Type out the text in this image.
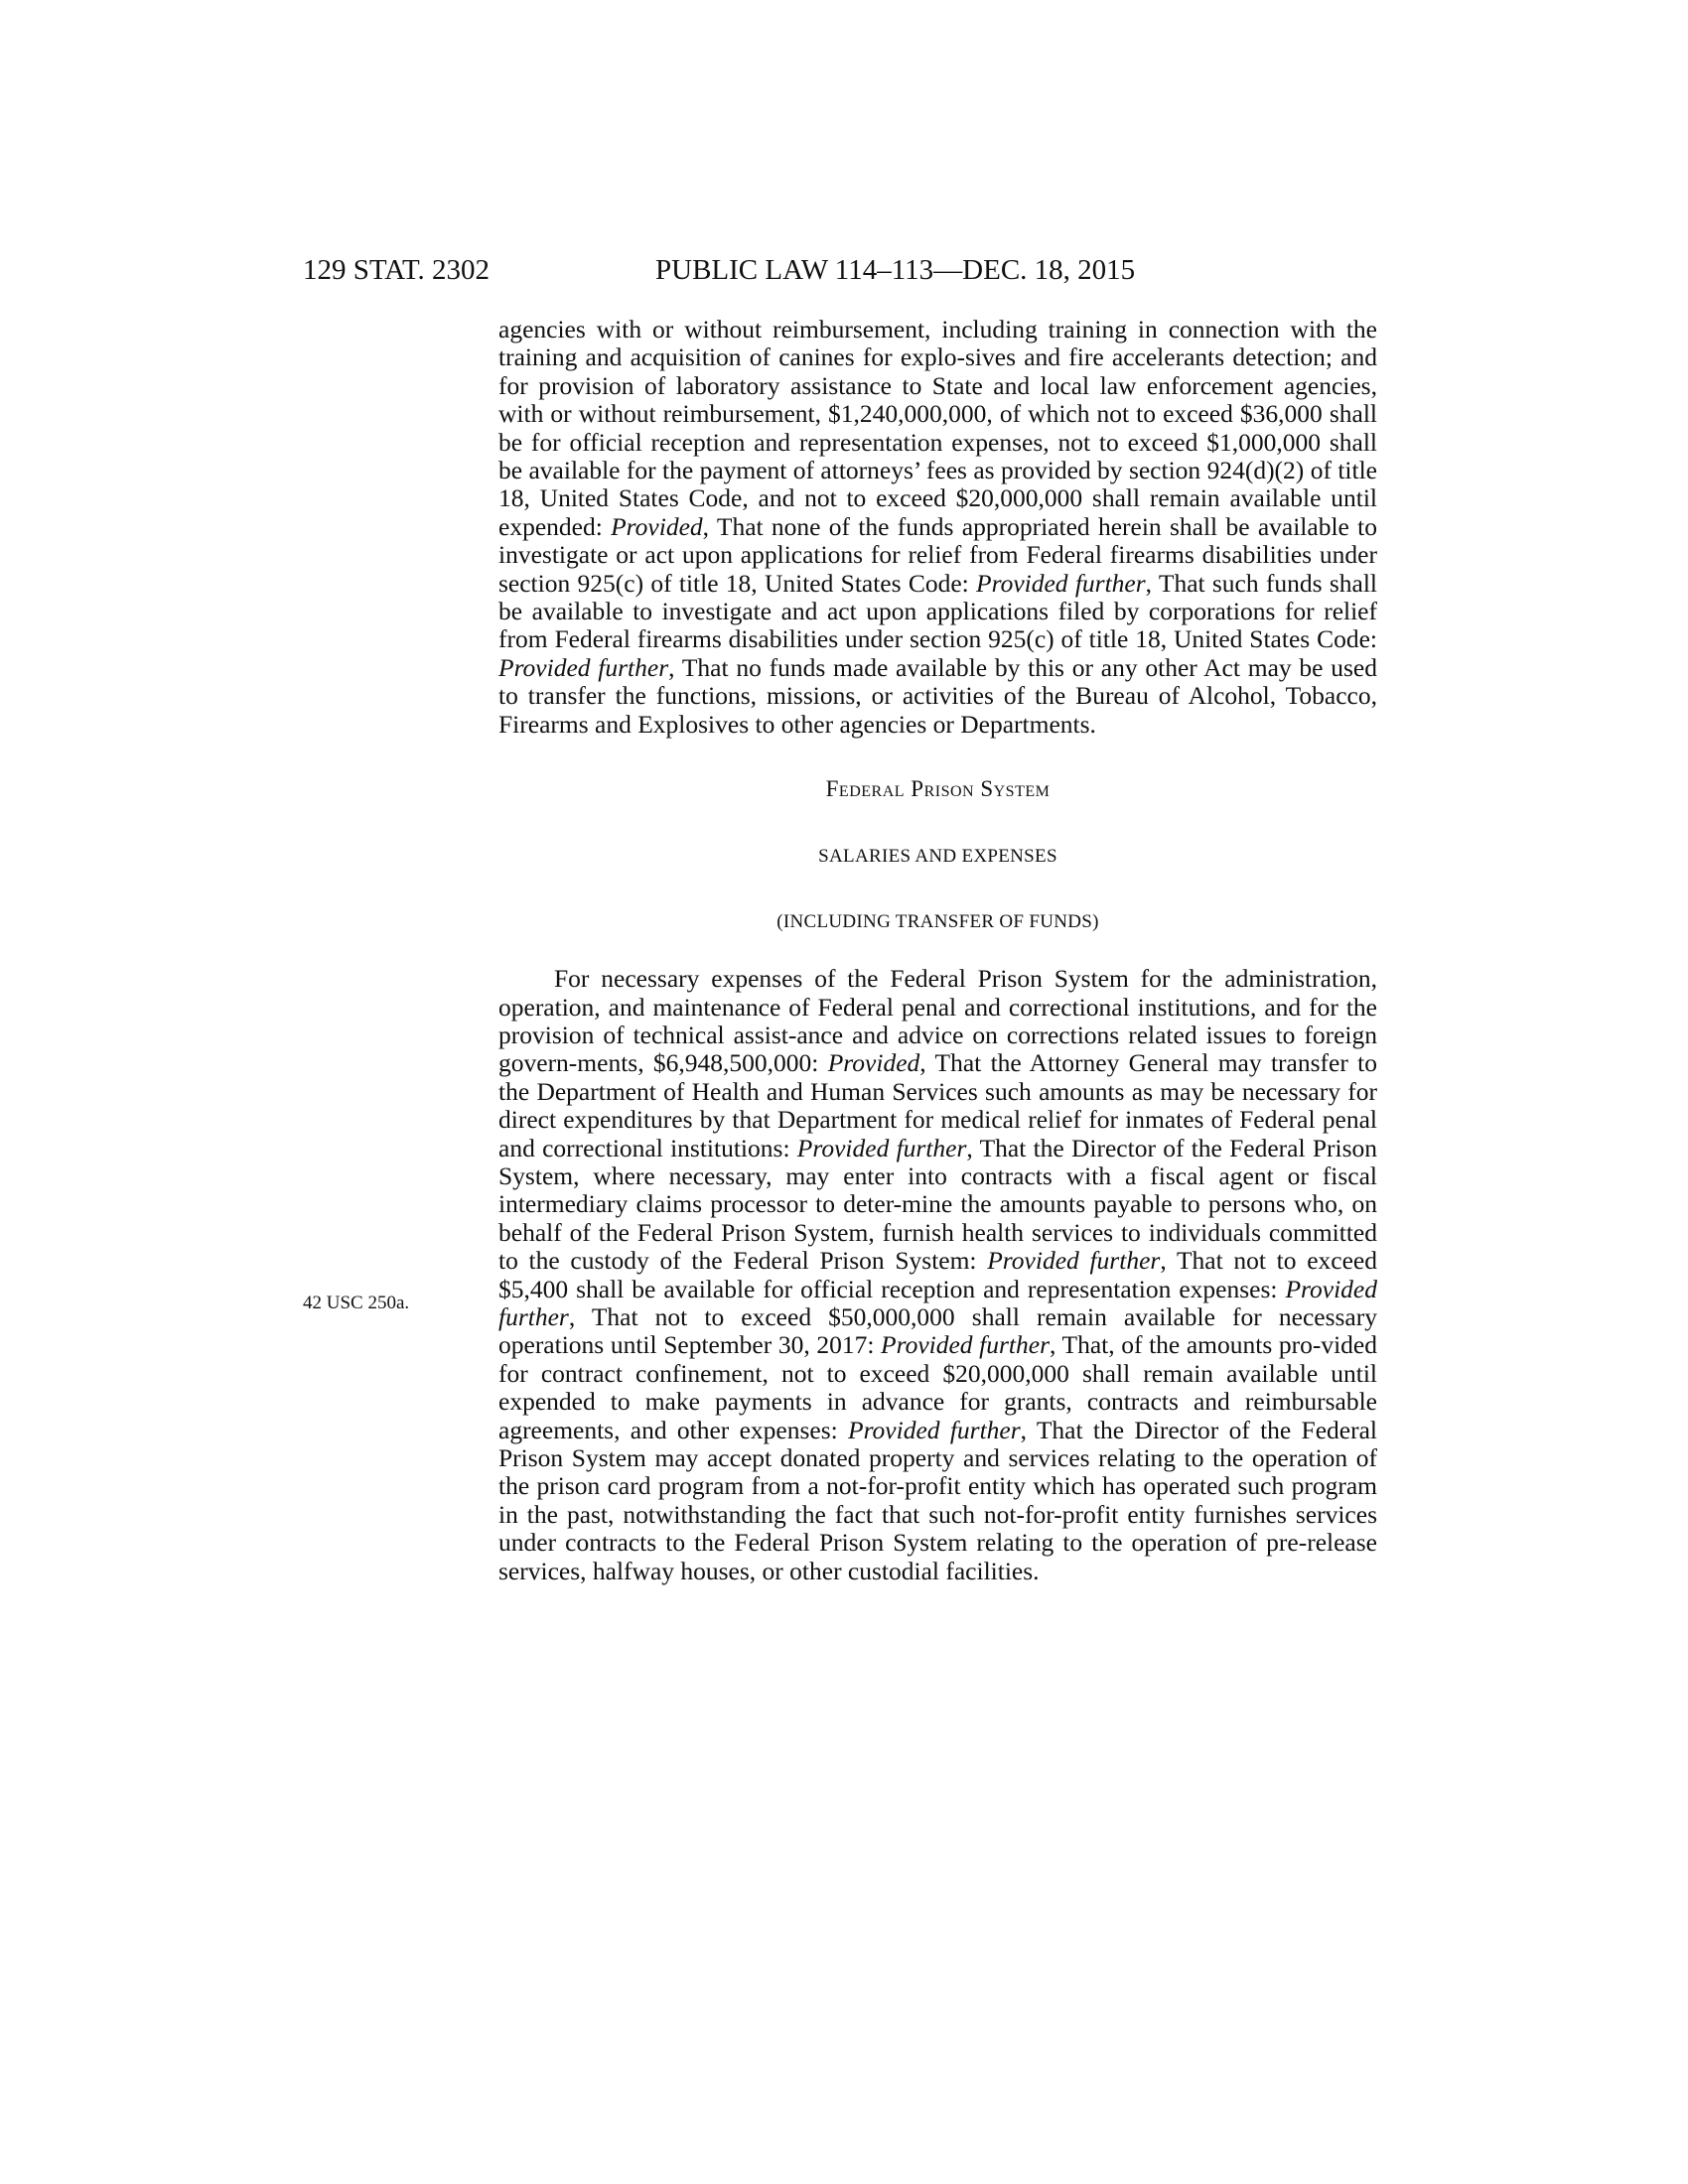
129 STAT. 2302	PUBLIC LAW 114–113—DEC. 18, 2015
42 USC 250a.

agencies with or without reimbursement, including training in connection with the training and acquisition of canines for explo-sives and fire accelerants detection; and for provision of laboratory assistance to State and local law enforcement agencies, with or without reimbursement, $1,240,000,000, of which not to exceed $36,000 shall be for official reception and representation expenses, not to exceed $1,000,000 shall be available for the payment of attorneys’ fees as provided by section 924(d)(2) of title 18, United States Code, and not to exceed $20,000,000 shall remain available until expended: Provided, That none of the funds appropriated herein shall be available to investigate or act upon applications for relief from Federal firearms disabilities under section 925(c) of title 18, United States Code: Provided further, That such funds shall be available to investigate and act upon applications filed by corporations for relief from Federal firearms disabilities under section 925(c) of title 18, United States Code: Provided further, That no funds made available by this or any other Act may be used to transfer the functions, missions, or activities of the Bureau of Alcohol, Tobacco, Firearms and Explosives to other agencies or Departments.

Federal Prison System

SALARIES AND EXPENSES

(INCLUDING TRANSFER OF FUNDS)

For necessary expenses of the Federal Prison System for the administration, operation, and maintenance of Federal penal and correctional institutions, and for the provision of technical assist-ance and advice on corrections related issues to foreign govern-ments, $6,948,500,000: Provided, That the Attorney General may transfer to the Department of Health and Human Services such amounts as may be necessary for direct expenditures by that Department for medical relief for inmates of Federal penal and correctional institutions: Provided further, That the Director of the Federal Prison System, where necessary, may enter into contracts with a fiscal agent or fiscal intermediary claims processor to deter-mine the amounts payable to persons who, on behalf of the Federal Prison System, furnish health services to individuals committed to the custody of the Federal Prison System: Provided further, That not to exceed $5,400 shall be available for official reception and representation expenses: Provided further, That not to exceed $50,000,000 shall remain available for necessary operations until September 30, 2017: Provided further, That, of the amounts pro-vided for contract confinement, not to exceed $20,000,000 shall remain available until expended to make payments in advance for grants, contracts and reimbursable agreements, and other expenses: Provided further, That the Director of the Federal Prison System may accept donated property and services relating to the operation of the prison card program from a not-for-profit entity which has operated such program in the past, notwithstanding the fact that such not-for-profit entity furnishes services under contracts to the Federal Prison System relating to the operation of pre-release services, halfway houses, or other custodial facilities.
